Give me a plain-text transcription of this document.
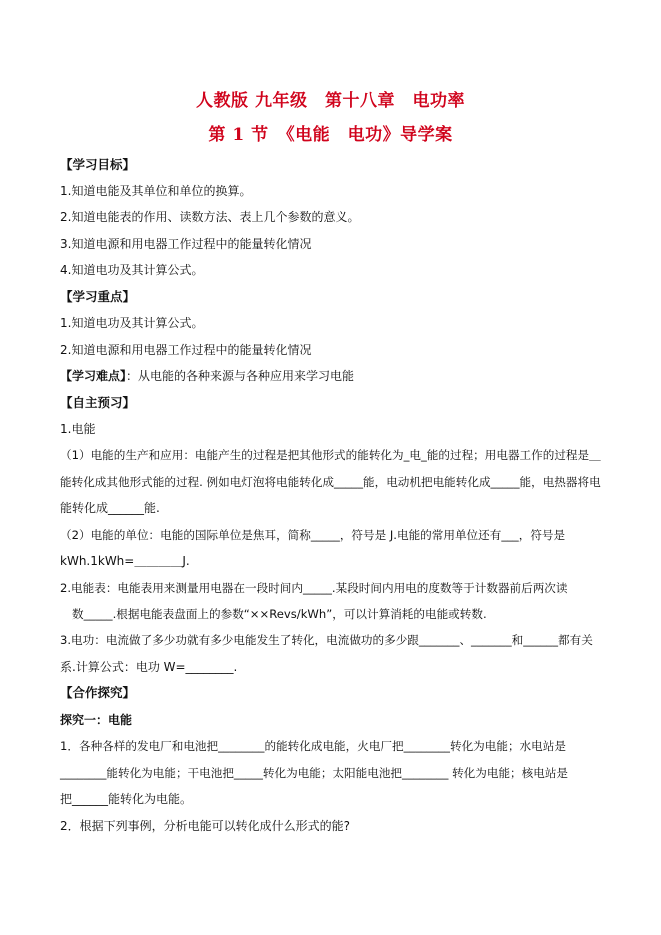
人教版 九年级　第十八章　电功率
第 1 节　《电能　电功》导学案
【学习目标】
1.知道电能及其单位和单位的换算。
2.知道电能表的作用、读数方法、表上几个参数的意义。
3.知道电源和用电器工作过程中的能量转化情况
4.知道电功及其计算公式。
【学习重点】
1.知道电功及其计算公式。
2.知道电源和用电器工作过程中的能量转化情况
【学习难点】：从电能的各种来源与各种应用来学习电能
【自主预习】
1.电能
（1）电能的生产和应用：电能产生的过程是把其他形式的能转化为_电_能的过程；用电器工作的过程是＿
能转化成其他形式能的过程. 例如电灯泡将电能转化成_____能，电动机把电能转化成_____能，电热器将电
能转化成______能.
（2）电能的单位：电能的国际单位是焦耳，简称_____，符号是 J.电能的常用单位还有___，符号是
kWh.1kWh=＿＿＿＿J.
2.电能表：电能表用来测量用电器在一段时间内_____.某段时间内用电的度数等于计数器前后两次读
数_____.根据电能表盘面上的参数“××Revs/kWh”，可以计算消耗的电能或转数.
3.电功：电流做了多少功就有多少电能发生了转化，电流做功的多少跟_______、_______和______都有关
系.计算公式：电功 W=________.
【合作探究】
探究一：电能
1．各种各样的发电厂和电池把________的能转化成电能，火电厂把________转化为电能；水电站是
________能转化为电能；干电池把_____转化为电能；太阳能电池把________ 转化为电能；核电站是
把______能转化为电能。
2．根据下列事例，分析电能可以转化成什么形式的能?
